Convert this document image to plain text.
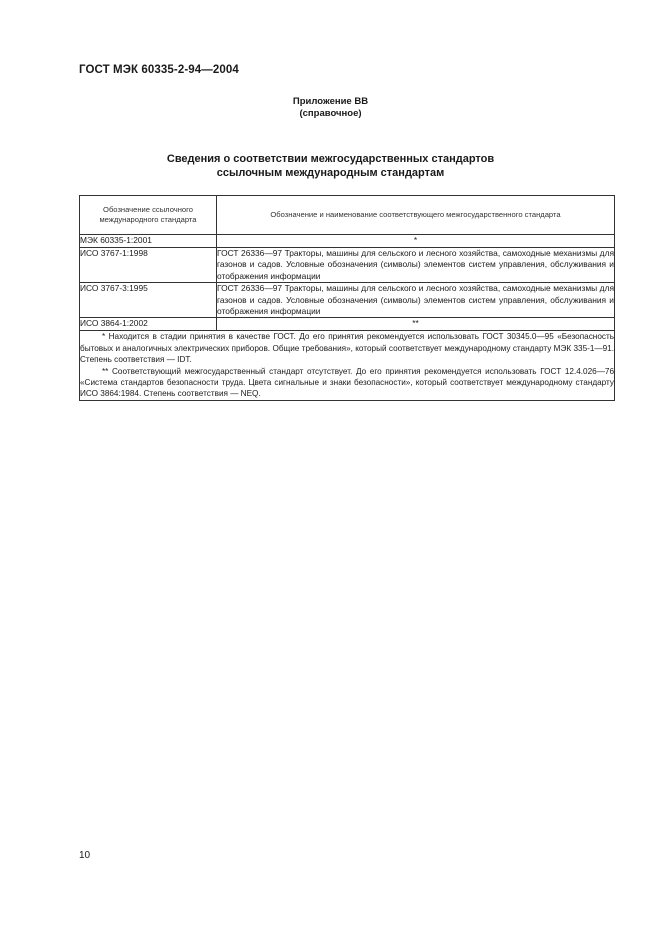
ГОСТ МЭК 60335-2-94—2004
Приложение ВВ
(справочное)
Сведения о соответствии межгосударственных стандартов
ссылочным международным стандартам
Обозначение ссылочного международного стандарта	Обозначение и наименование соответствующего межгосударственного стандарта
МЭК 60335-1:2001	*
ИСО 3767-1:1998	ГОСТ 26336—97 Тракторы, машины для сельского и лесного хозяйства, самоходные механизмы для газонов и садов. Условные обозначения (символы) элементов систем управления, обслуживания и отображения информации
ИСО 3767-3:1995	ГОСТ 26336—97 Тракторы, машины для сельского и лесного хозяйства, самоходные механизмы для газонов и садов. Условные обозначения (символы) элементов систем управления, обслуживания и отображения информации
ИСО 3864-1:2002	**

* Находится в стадии принятия в качестве ГОСТ. До его принятия рекомендуется использовать ГОСТ 30345.0—95 «Безопасность бытовых и аналогичных электрических приборов. Общие требования», который соответствует международному стандарту МЭК 335-1—91. Степень соответствия — IDT.

** Соответствующий межгосударственный стандарт отсутствует. До его принятия рекомендуется использовать ГОСТ 12.4.026—76 «Система стандартов безопасности труда. Цвета сигнальные и знаки безопасности», который соответствует международному стандарту ИСО 3864:1984. Степень соответствия — NEQ.	

10
